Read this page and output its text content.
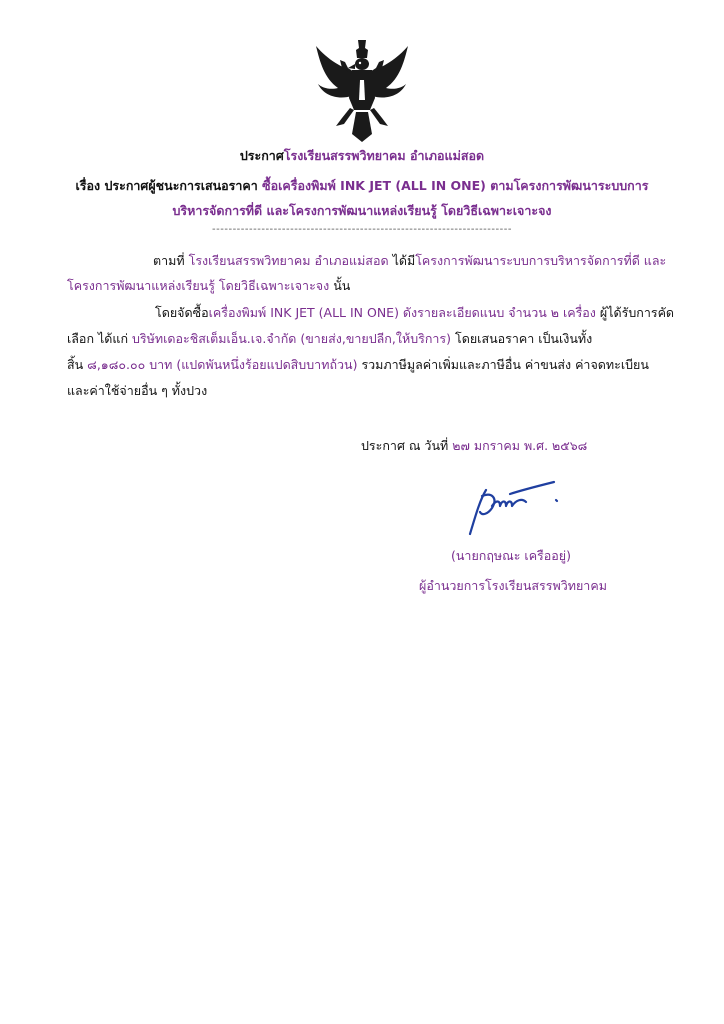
ประกาศโรงเรียนสรรพวิทยาคม อำเภอแม่สอด
เรื่อง ประกาศผู้ชนะการเสนอราคา ซื้อเครื่องพิมพ์ INK JET (ALL IN ONE) ตามโครงการพัฒนาระบบการ
บริหารจัดการที่ดี และโครงการพัฒนาแหล่งเรียนรู้ โดยวิธีเฉพาะเจาะจง
-------------------------------------------------------------------------
ตามที่ โรงเรียนสรรพวิทยาคม อำเภอแม่สอด ได้มีโครงการพัฒนาระบบการบริหารจัดการที่ดี และ
โครงการพัฒนาแหล่งเรียนรู้ โดยวิธีเฉพาะเจาะจง นั้น
โดยจัดซื้อเครื่องพิมพ์ INK JET (ALL IN ONE) ดังรายละเอียดแนบ จำนวน ๒ เครื่อง ผู้ได้รับการคัด
เลือก ได้แก่ บริษัทเดอะชิสเต็มเอ็น.เจ.จำกัด (ขายส่ง,ขายปลีก,ให้บริการ) โดยเสนอราคา เป็นเงินทั้ง
สิ้น ๘,๑๘๐.๐๐ บาท (แปดพันหนึ่งร้อยแปดสิบบาทถ้วน) รวมภาษีมูลค่าเพิ่มและภาษีอื่น ค่าขนส่ง ค่าจดทะเบียน
และค่าใช้จ่ายอื่น ๆ ทั้งปวง
ประกาศ ณ วันที่ ๒๗ มกราคม พ.ศ. ๒๕๖๘
(นายกฤษณะ เครืออยู่)
ผู้อำนวยการโรงเรียนสรรพวิทยาคม
